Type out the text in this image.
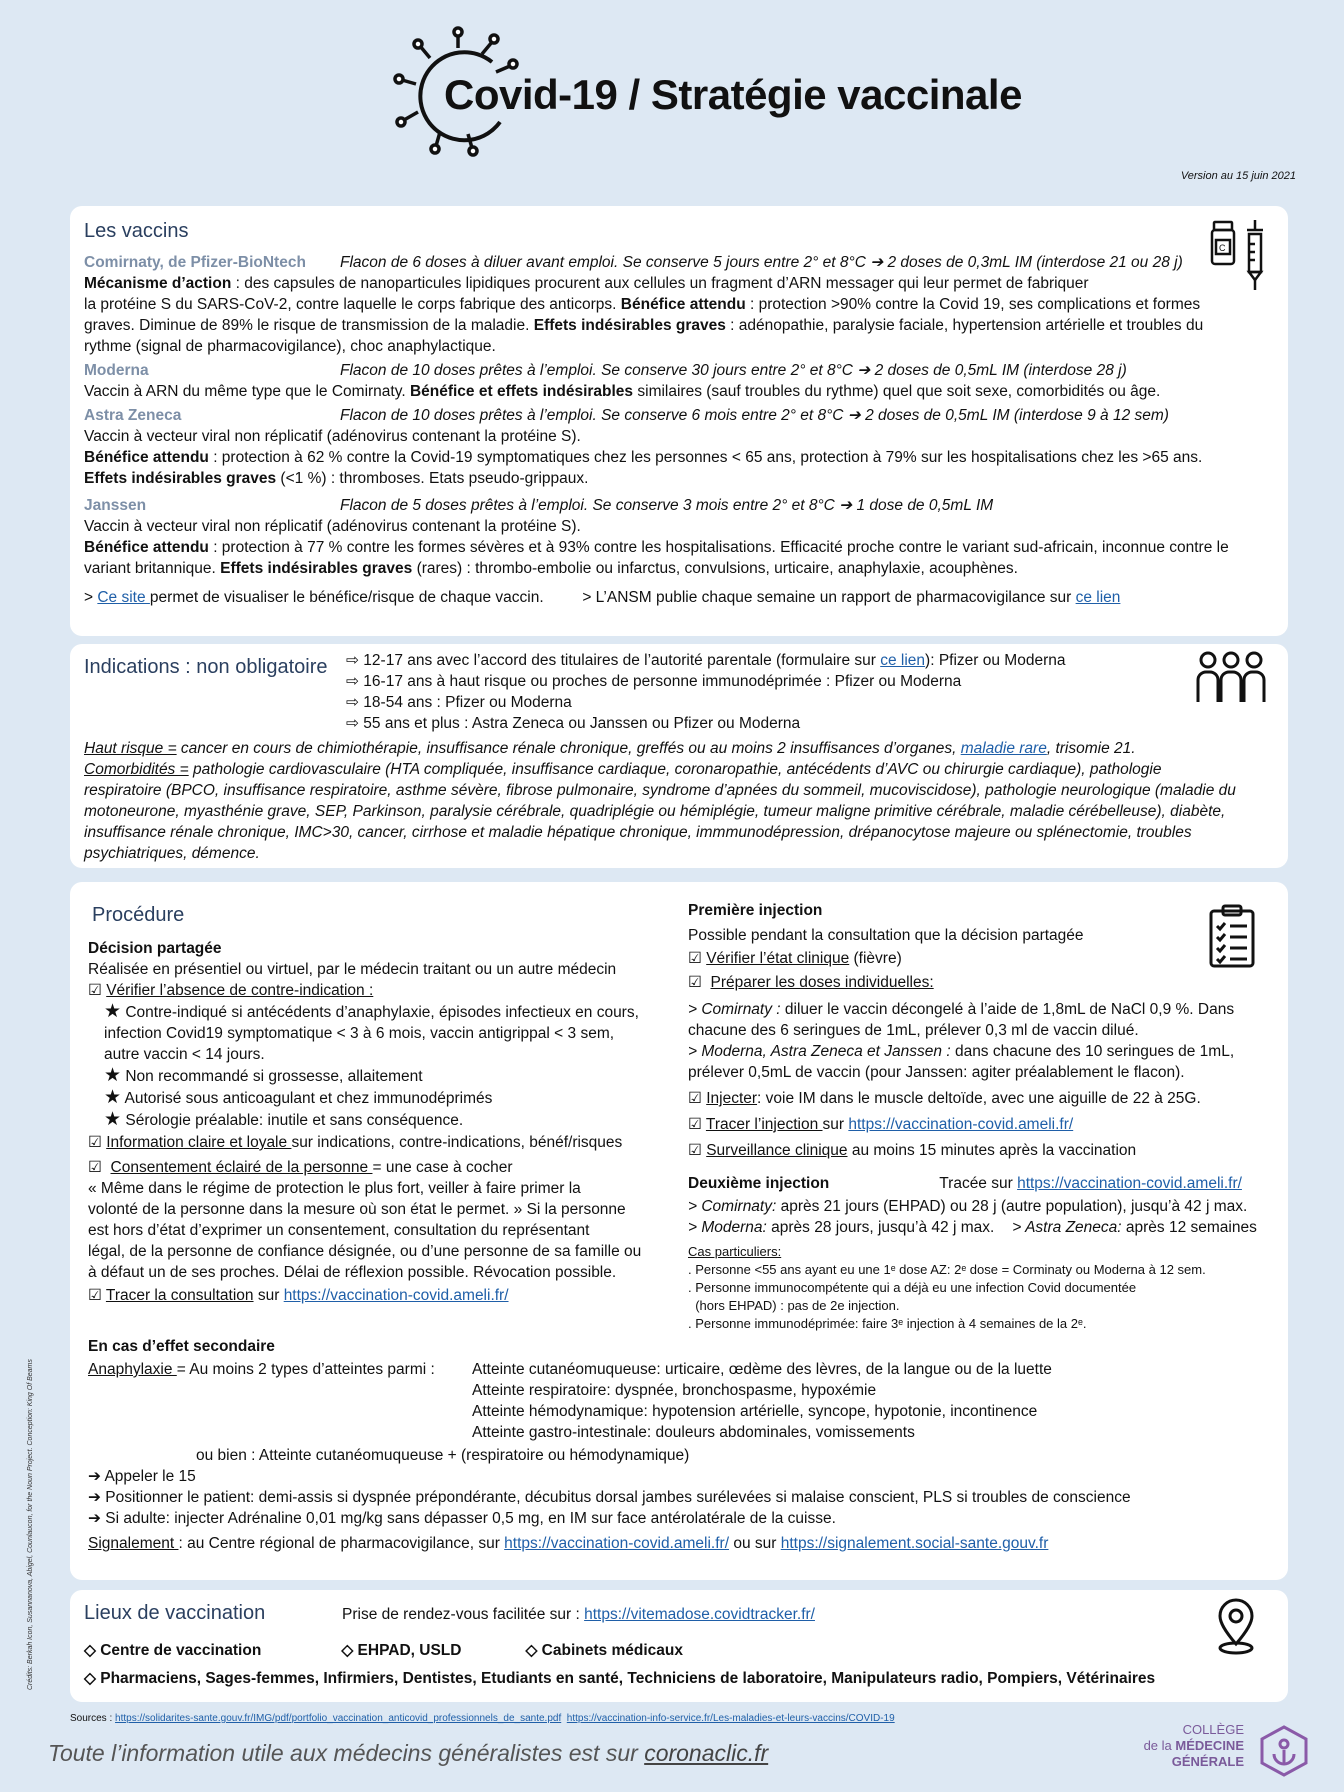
Covid-19 / Stratégie vaccinale
Version au 15 juin 2021
Les vaccins
C
Comirnaty, de Pfizer-BioNtech Flacon de 6 doses à diluer avant emploi. Se conserve 5 jours entre 2° et 8°C ➔ 2 doses de 0,3mL IM (interdose 21 ou 28 j)
Mécanisme d’action : des capsules de nanoparticules lipidiques procurent aux cellules un fragment d’ARN messager qui leur permet de fabriquer
la protéine S du SARS-CoV-2, contre laquelle le corps fabrique des anticorps. Bénéfice attendu : protection >90% contre la Covid 19, ses complications et formes
graves. Diminue de 89% le risque de transmission de la maladie. Effets indésirables graves : adénopathie, paralysie faciale, hypertension artérielle et troubles du
rythme (signal de pharmacovigilance), choc anaphylactique.
Moderna	Flacon de 10 doses prêtes à l’emploi. Se conserve 30 jours entre 2° et 8°C ➔ 2 doses de 0,5mL IM (interdose 28 j)
Vaccin à ARN du même type que le Comirnaty. Bénéfice et effets indésirables similaires (sauf troubles du rythme) quel que soit sexe, comorbidités ou âge.
Astra Zeneca	Flacon de 10 doses prêtes à l’emploi. Se conserve 6 mois entre 2° et 8°C ➔ 2 doses de 0,5mL IM (interdose 9 à 12 sem)
Vaccin à vecteur viral non réplicatif (adénovirus contenant la protéine S).
Bénéfice attendu : protection à 62 % contre la Covid-19 symptomatiques chez les personnes < 65 ans, protection à 79% sur les hospitalisations chez les >65 ans.
Effets indésirables graves (<1 %) : thromboses. Etats pseudo-grippaux.
Janssen	Flacon de 5 doses prêtes à l’emploi. Se conserve 3 mois entre 2° et 8°C ➔ 1 dose de 0,5mL IM
Vaccin à vecteur viral non réplicatif (adénovirus contenant la protéine S).
Bénéfice attendu : protection à 77 % contre les formes sévères et à 93% contre les hospitalisations. Efficacité proche contre le variant sud-africain, inconnue contre le
variant britannique. Effets indésirables graves (rares) : thrombo-embolie ou infarctus, convulsions, urticaire, anaphylaxie, acouphènes.
> Ce site permet de visualiser le bénéfice/risque de chaque vaccin. > L’ANSM publie chaque semaine un rapport de pharmacovigilance sur ce lien
Indications : non obligatoire ⇨ 12-17 ans avec l’accord des titulaires de l’autorité parentale (formulaire sur ce lien): Pfizer ou Moderna
⇨ 16-17 ans à haut risque ou proches de personne immunodéprimée : Pfizer ou Moderna
⇨ 18-54 ans : Pfizer ou Moderna
⇨ 55 ans et plus : Astra Zeneca ou Janssen ou Pfizer ou Moderna
Haut risque = cancer en cours de chimiothérapie, insuffisance rénale chronique, greffés ou au moins 2 insuffisances d’organes, maladie rare, trisomie 21.
Comorbidités = pathologie cardiovasculaire (HTA compliquée, insuffisance cardiaque, coronaropathie, antécédents d’AVC ou chirurgie cardiaque), pathologie
respiratoire (BPCO, insuffisance respiratoire, asthme sévère, fibrose pulmonaire, syndrome d’apnées du sommeil, mucoviscidose), pathologie neurologique (maladie du
motoneurone, myasthénie grave, SEP, Parkinson, paralysie cérébrale, quadriplégie ou hémiplégie, tumeur maligne primitive cérébrale, maladie cérébelleuse), diabète,
insuffisance rénale chronique, IMC>30, cancer, cirrhose et maladie hépatique chronique, immmunodépression, drépanocytose majeure ou splénectomie, troubles
psychiatriques, démence.
Procédure
Décision partagée
Réalisée en présentiel ou virtuel, par le médecin traitant ou un autre médecin
☑ Vérifier l’absence de contre-indication :
★ Contre-indiqué si antécédents d’anaphylaxie, épisodes infectieux en cours,
infection Covid19 symptomatique < 3 à 6 mois, vaccin antigrippal < 3 sem,
autre vaccin < 14 jours.
★ Non recommandé si grossesse, allaitement
★ Autorisé sous anticoagulant et chez immunodéprimés
★ Sérologie préalable: inutile et sans conséquence.
☑ Information claire et loyale sur indications, contre-indications, bénéf/risques
☑  Consentement éclairé de la personne = une case à cocher
« Même dans le régime de protection le plus fort, veiller à faire primer la
volonté de la personne dans la mesure où son état le permet. » Si la personne
est hors d’état d’exprimer un consentement, consultation du représentant
légal, de la personne de confiance désignée, ou d’une personne de sa famille ou
à défaut un de ses proches. Délai de réflexion possible. Révocation possible.
☑ Tracer la consultation sur https://vaccination-covid.ameli.fr/
Première injection
Possible pendant la consultation que la décision partagée
☑ Vérifier l’état clinique (fièvre)
☑  Préparer les doses individuelles:
> Comirnaty : diluer le vaccin décongelé à l’aide de 1,8mL de NaCl 0,9 %. Dans
chacune des 6 seringues de 1mL, prélever 0,3 ml de vaccin dilué.
> Moderna, Astra Zeneca et Janssen : dans chacune des 10 seringues de 1mL,
prélever 0,5mL de vaccin (pour Janssen: agiter préalablement le flacon).
☑ Injecter: voie IM dans le muscle deltoïde, avec une aiguille de 22 à 25G.
☑ Tracer l’injection sur https://vaccination-covid.ameli.fr/
☑ Surveillance clinique au moins 15 minutes après la vaccination
Deuxième injection	Tracée sur https://vaccination-covid.ameli.fr/
> Comirnaty: après 21 jours (EHPAD) ou 28 j (autre population), jusqu’à 42 j max.
> Moderna: après 28 jours, jusqu’à 42 j max. > Astra Zeneca: après 12 semaines
Cas particuliers:
. Personne <55 ans ayant eu une 1ᵉ dose AZ: 2ᵉ dose = Corminaty ou Moderna à 12 sem.
. Personne immunocompétente qui a déjà eu une infection Covid documentée
(hors EHPAD) : pas de 2e injection.
. Personne immunodéprimée: faire 3ᵉ injection à 4 semaines de la 2ᵉ.
En cas d’effet secondaire
Anaphylaxie = Au moins 2 types d’atteintes parmi : Atteinte cutanéomuqueuse: urticaire, œdème des lèvres, de la langue ou de la luette
Atteinte respiratoire: dyspnée, bronchospasme, hypoxémie
Atteinte hémodynamique: hypotension artérielle, syncope, hypotonie, incontinence
Atteinte gastro-intestinale: douleurs abdominales, vomissements
ou bien : Atteinte cutanéomuqueuse + (respiratoire ou hémodynamique)
➔ Appeler le 15
➔ Positionner le patient: demi-assis si dyspnée prépondérante, décubitus dorsal jambes surélevées si malaise conscient, PLS si troubles de conscience
➔ Si adulte: injecter Adrénaline 0,01 mg/kg sans dépasser 0,5 mg, en IM sur face antérolatérale de la cuisse.
Signalement : au Centre régional de pharmacovigilance, sur https://vaccination-covid.ameli.fr/ ou sur https://signalement.social-sante.gouv.fr
Lieux de vaccination	Prise de rendez-vous facilitée sur : https://vitemadose.covidtracker.fr/
◇ Centre de vaccination	◇ EHPAD, USLD	◇ Cabinets médicaux
◇ Pharmaciens, Sages-femmes, Infirmiers, Dentistes, Etudiants en santé, Techniciens de laboratoire, Manipulateurs radio, Pompiers, Vétérinaires
Crédits: Berkah Icon, Susannanova, Abigel, Counlaucon, for the Noun Project. Conception: King Of Beams
Sources : https://solidarites-sante.gouv.fr/IMG/pdf/portfolio_vaccination_anticovid_professionnels_de_sante.pdf https://vaccination-info-service.fr/Les-maladies-et-leurs-vaccins/COVID-19
Toute l’information utile aux médecins généralistes est sur coronaclic.fr
COLLÈGE
de la MÉDECINE
GÉNÉRALE
